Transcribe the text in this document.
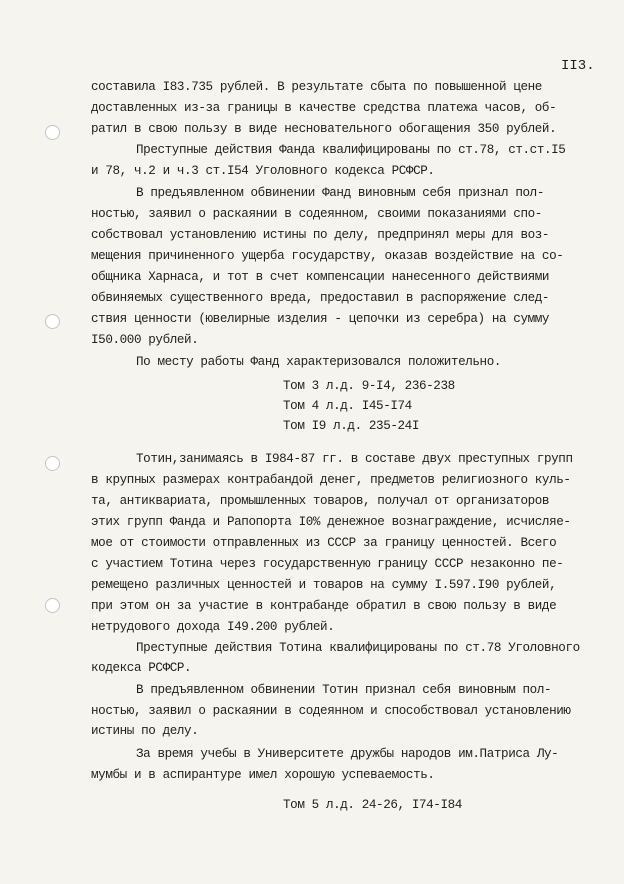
II3.
составила I83.735 рублей. В результате сбыта по повышенной цене
доставленных из-за границы в качестве средства платежа часов, об-
ратил в свою пользу в виде несновательного обогащения 350 рублей.
Преступные действия Фанда квалифицированы по ст.78, ст.ст.I5
и 78, ч.2 и ч.3 ст.I54 Уголовного кодекса РСФСР.
В предъявленном обвинении Фанд виновным себя признал пол-
ностью, заявил о раскаянии в содеянном, своими показаниями спо-
собствовал установлению истины по делу, предпринял меры для воз-
мещения причиненного ущерба государству, оказав воздействие на со-
общника Харнаса, и тот в счет компенсации нанесенного действиями
обвиняемых существенного вреда, предоставил в распоряжение след-
ствия ценности (ювелирные изделия - цепочки из серебра) на сумму
I50.000 рублей.
По месту работы Фанд характеризовался положительно.
Том 3 л.д. 9-I4, 236-238
Том 4 л.д. I45-I74
Том I9 л.д. 235-24I
Тотин,занимаясь в I984-87 гг. в составе двух преступных групп
в крупных размерах контрабандой денег, предметов религиозного куль-
та, антиквариата, промышленных товаров, получал от организаторов
этих групп Фанда и Рапопорта I0% денежное вознаграждение, исчисляе-
мое от стоимости отправленных из СССР за границу ценностей. Всего
с участием Тотина через государственную границу СССР незаконно пе-
ремещено различных ценностей и товаров на сумму I.597.I90 рублей,
при этом он за участие в контрабанде обратил в свою пользу в виде
нетрудового дохода I49.200 рублей.
Преступные действия Тотина квалифицированы по ст.78 Уголовного
кодекса РСФСР.
В предъявленном обвинении Тотин признал себя виновным пол-
ностью, заявил о раскаянии в содеянном и способствовал установлению
истины по делу.
За время учебы в Университете дружбы народов им.Патриса Лу-
мумбы и в аспирантуре имел хорошую успеваемость.
Том 5 л.д. 24-26, I74-I84
